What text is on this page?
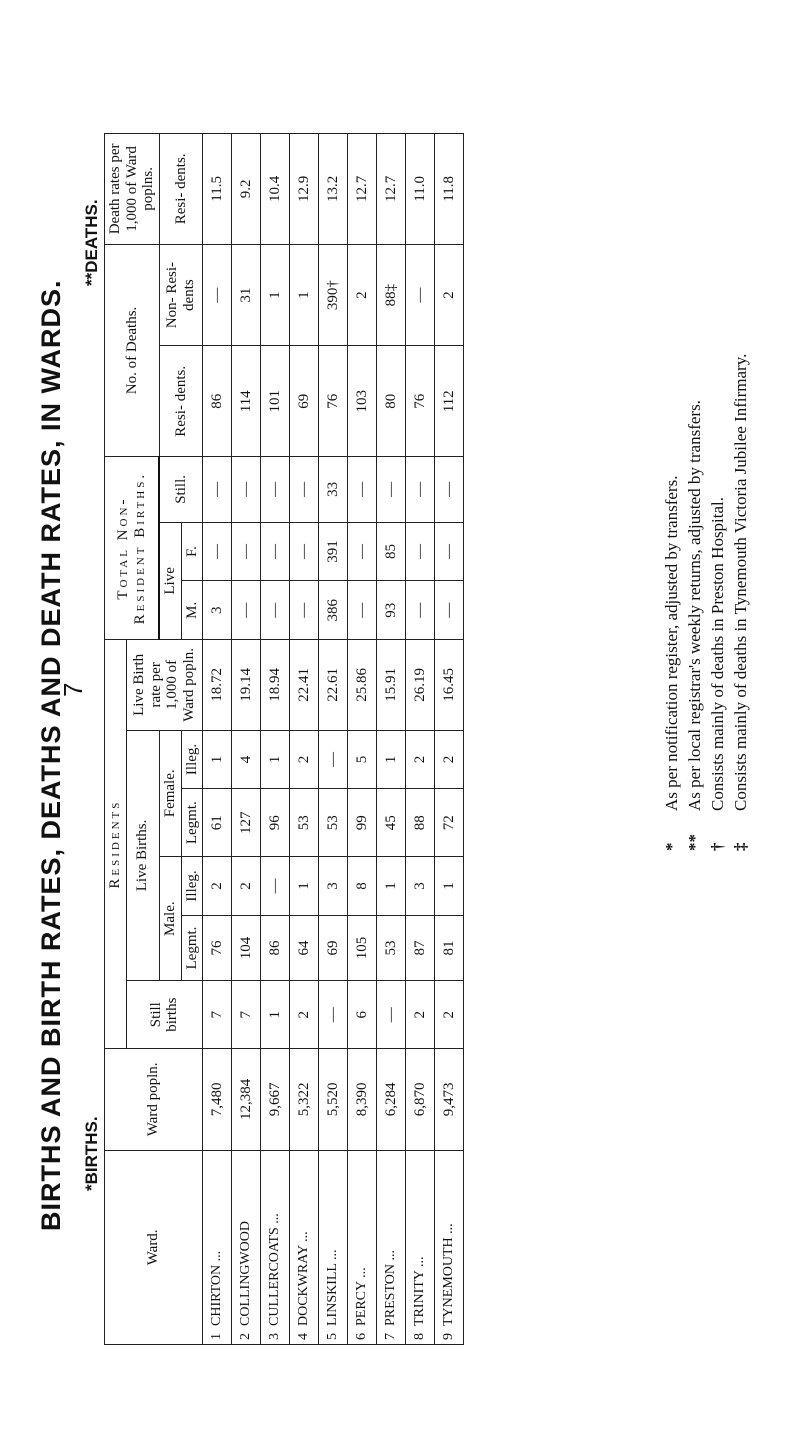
7
BIRTHS AND BIRTH RATES, DEATHS AND DEATH RATES, IN WARDS. *BIRTHS.
**DEATHS.
Ward.	Ward popln.	Residents						Total Non-Resident Births.			No. of Deaths.		Death rates per 1,000 of Ward poplns.
		Still births	Live Births.				Live Birth rate per 1,000 of Ward popln.						
			Male.		Female.			Live		Still.	Resi- dents.	Non- Resi- dents	Resi- dents.
			Legmt.	Illeg.	Legmt.	Illeg.		M.	F.				
1CHIRTON ...	7,480	7	76	2	61	1	18.72	3	—	—	86	—	11.5
2COLLINGWOOD	12,384	7	104	2	127	4	19.14	—	—	—	114	31	9.2
3CULLERCOATS ...	9,667	1	86	—	96	1	18.94	—	—	—	101	1	10.4
4DOCKWRAY ...	5,322	2	64	1	53	2	22.41	—	—	—	69	1	12.9
5LINSKILL ...	5,520	—	69	3	53	—	22.61	386	391	33	76	390†	13.2
6PERCY ...	8,390	6	105	8	99	5	25.86	—	—	—	103	2	12.7
7PRESTON ...	6,284	—	53	1	45	1	15.91	93	85	—	80	88‡	12.7
8TRINITY ...	6,870	2	87	3	88	2	26.19	—	—	—	76	—	11.0
9TYNEMOUTH ...	9,473	2	81	1	72	2	16.45	—	—	—	112	2	11.8
*As per notification register, adjusted by transfers.
**As per local registrar's weekly returns, adjusted by transfers.
†Consists mainly of deaths in Preston Hospital.
‡Consists mainly of deaths in Tynemouth Victoria Jubilee Infirmary.
